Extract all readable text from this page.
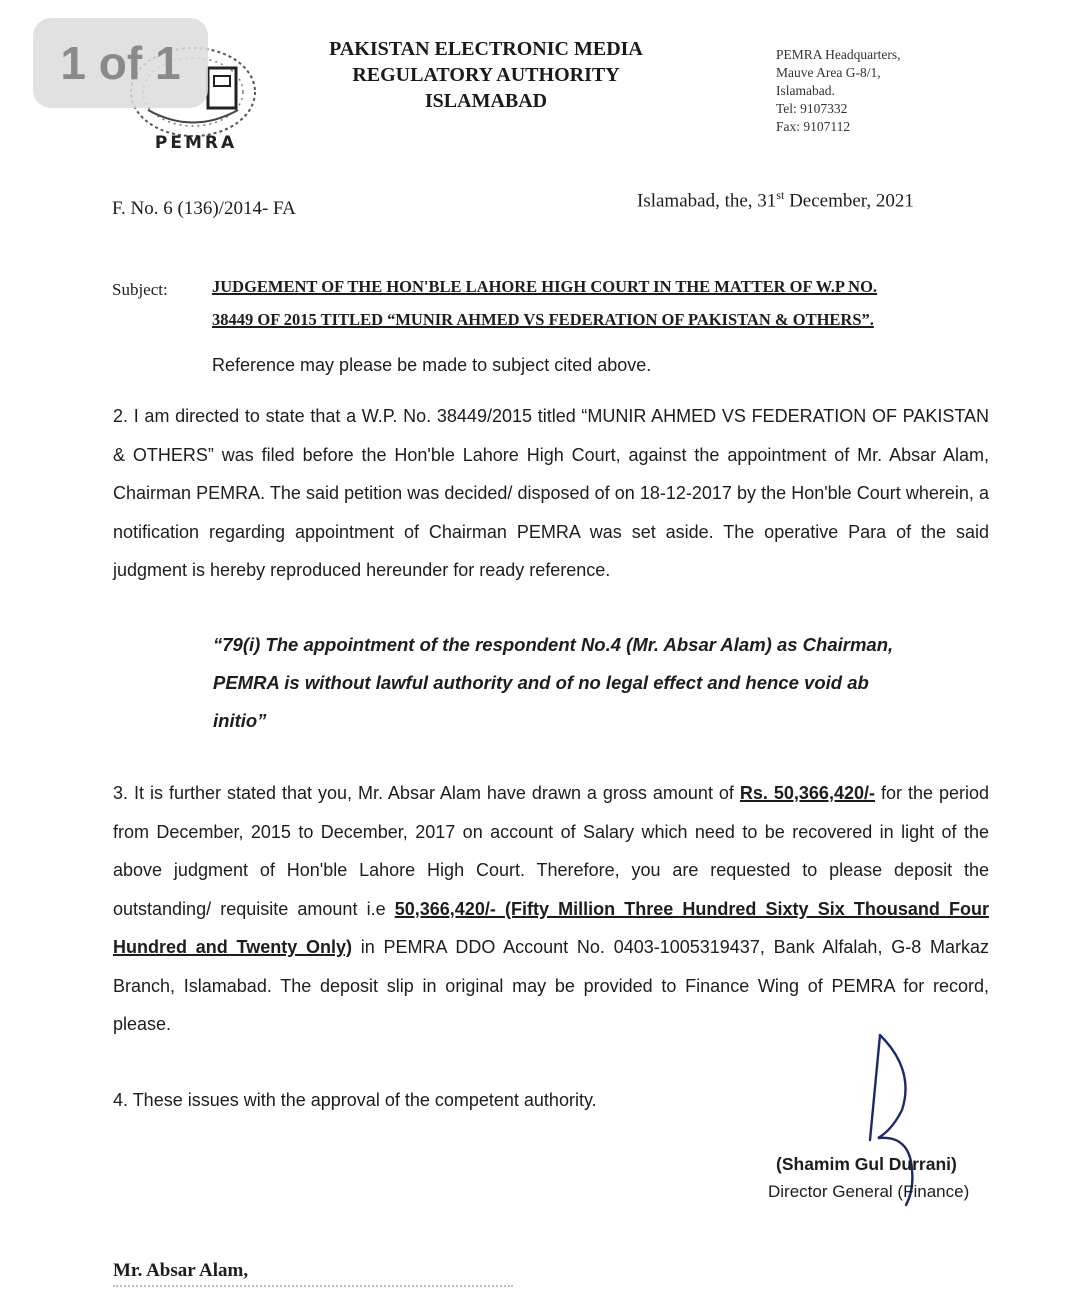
PEMRA
1 of 1	PAKISTAN ELECTRONIC MEDIA
REGULATORY AUTHORITY
ISLAMABAD
PEMRA Headquarters,
Mauve Area G-8/1,
Islamabad.
Tel: 9107332
Fax: 9107112
F. No. 6 (136)/2014- FA	Islamabad, the, 31st December, 2021
Subject:	JUDGEMENT OF THE HON'BLE LAHORE HIGH COURT IN THE MATTER OF W.P NO.
38449 OF 2015 TITLED “MUNIR AHMED VS FEDERATION OF PAKISTAN & OTHERS”.
Reference may please be made to subject cited above.
2. I am directed to state that a W.P. No. 38449/2015 titled “MUNIR AHMED VS FEDERATION OF PAKISTAN & OTHERS” was filed before the Hon'ble Lahore High Court, against the appointment of Mr. Absar Alam, Chairman PEMRA. The said petition was decided/ disposed of on 18-12-2017 by the Hon'ble Court wherein, a notification regarding appointment of Chairman PEMRA was set aside. The operative Para of the said judgment is hereby reproduced hereunder for ready reference.
“79(i) The appointment of the respondent No.4 (Mr. Absar Alam) as Chairman, PEMRA is without lawful authority and of no legal effect and hence void ab initio”
3. It is further stated that you, Mr. Absar Alam have drawn a gross amount of Rs. 50,366,420/- for the period from December, 2015 to December, 2017 on account of Salary which need to be recovered in light of the above judgment of Hon'ble Lahore High Court. Therefore, you are requested to please deposit the outstanding/ requisite amount i.e 50,366,420/- (Fifty Million Three Hundred Sixty Six Thousand Four Hundred and Twenty Only) in PEMRA DDO Account No. 0403-1005319437, Bank Alfalah, G-8 Markaz Branch, Islamabad. The deposit slip in original may be provided to Finance Wing of PEMRA for record, please.
4. These issues with the approval of the competent authority.
(Shamim Gul Durrani)
Director General (Finance)
Mr. Absar Alam,
